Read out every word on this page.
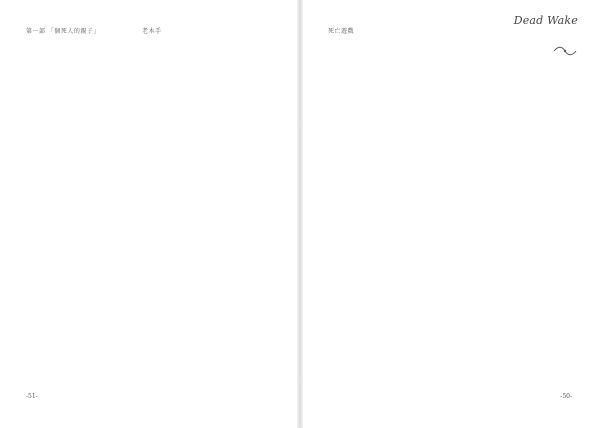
第一部 「個死人的親子」	老木手
-51-
死亡遊戲
Dead Wake
-50-
